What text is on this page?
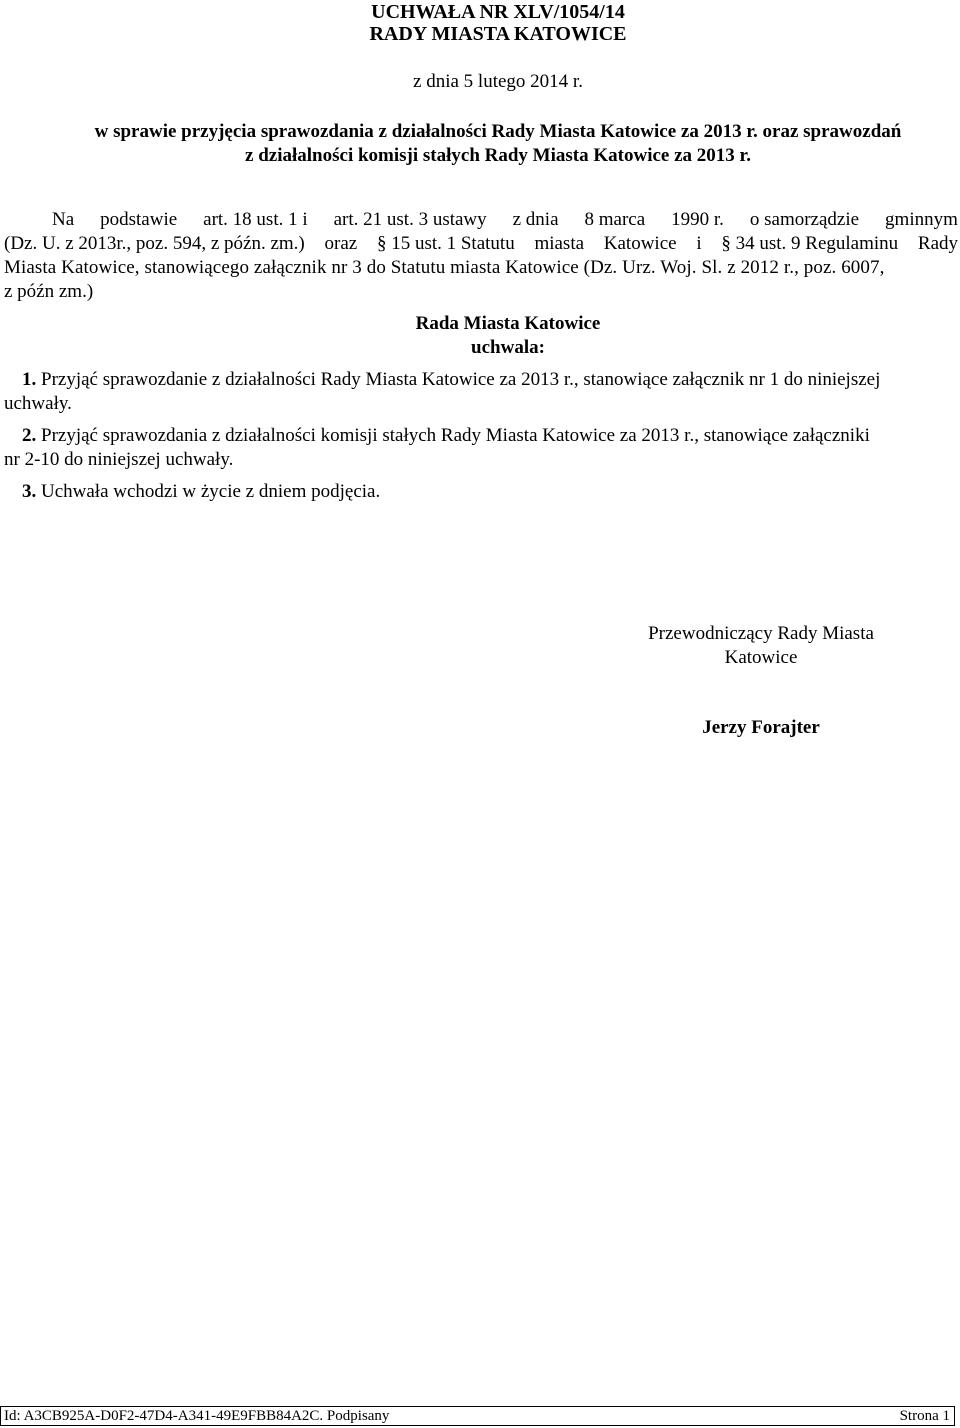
UCHWAŁA NR XLV/1054/14
RADY MIASTA KATOWICE
z dnia 5 lutego 2014 r.
w sprawie przyjęcia sprawozdania z działalności Rady Miasta Katowice za 2013 r. oraz sprawozdań
z działalności komisji stałych Rady Miasta Katowice za 2013 r.
Na podstawie art. 18 ust. 1 i art. 21 ust. 3 ustawy z dnia 8 marca 1990 r. o samorządzie gminnym
(Dz. U. z 2013r., poz. 594, z późn. zm.) oraz § 15 ust. 1 Statutu miasta Katowice i § 34 ust. 9 Regulaminu Rady
Miasta Katowice, stanowiącego załącznik nr 3 do Statutu miasta Katowice (Dz. Urz. Woj. Sl. z 2012 r., poz. 6007,
z późn zm.)
Rada Miasta Katowice
uchwala:
1. Przyjąć sprawozdanie z działalności Rady Miasta Katowice za 2013 r., stanowiące załącznik nr 1 do niniejszej
uchwały.
2. Przyjąć sprawozdania z działalności komisji stałych Rady Miasta Katowice za 2013 r., stanowiące załączniki
nr 2-10 do niniejszej uchwały.
3. Uchwała wchodzi w życie z dniem podjęcia.
Przewodniczący Rady Miasta
Katowice
Jerzy Forajter
Id: A3CB925A-D0F2-47D4-A341-49E9FBB84A2C. Podpisany	Strona 1
